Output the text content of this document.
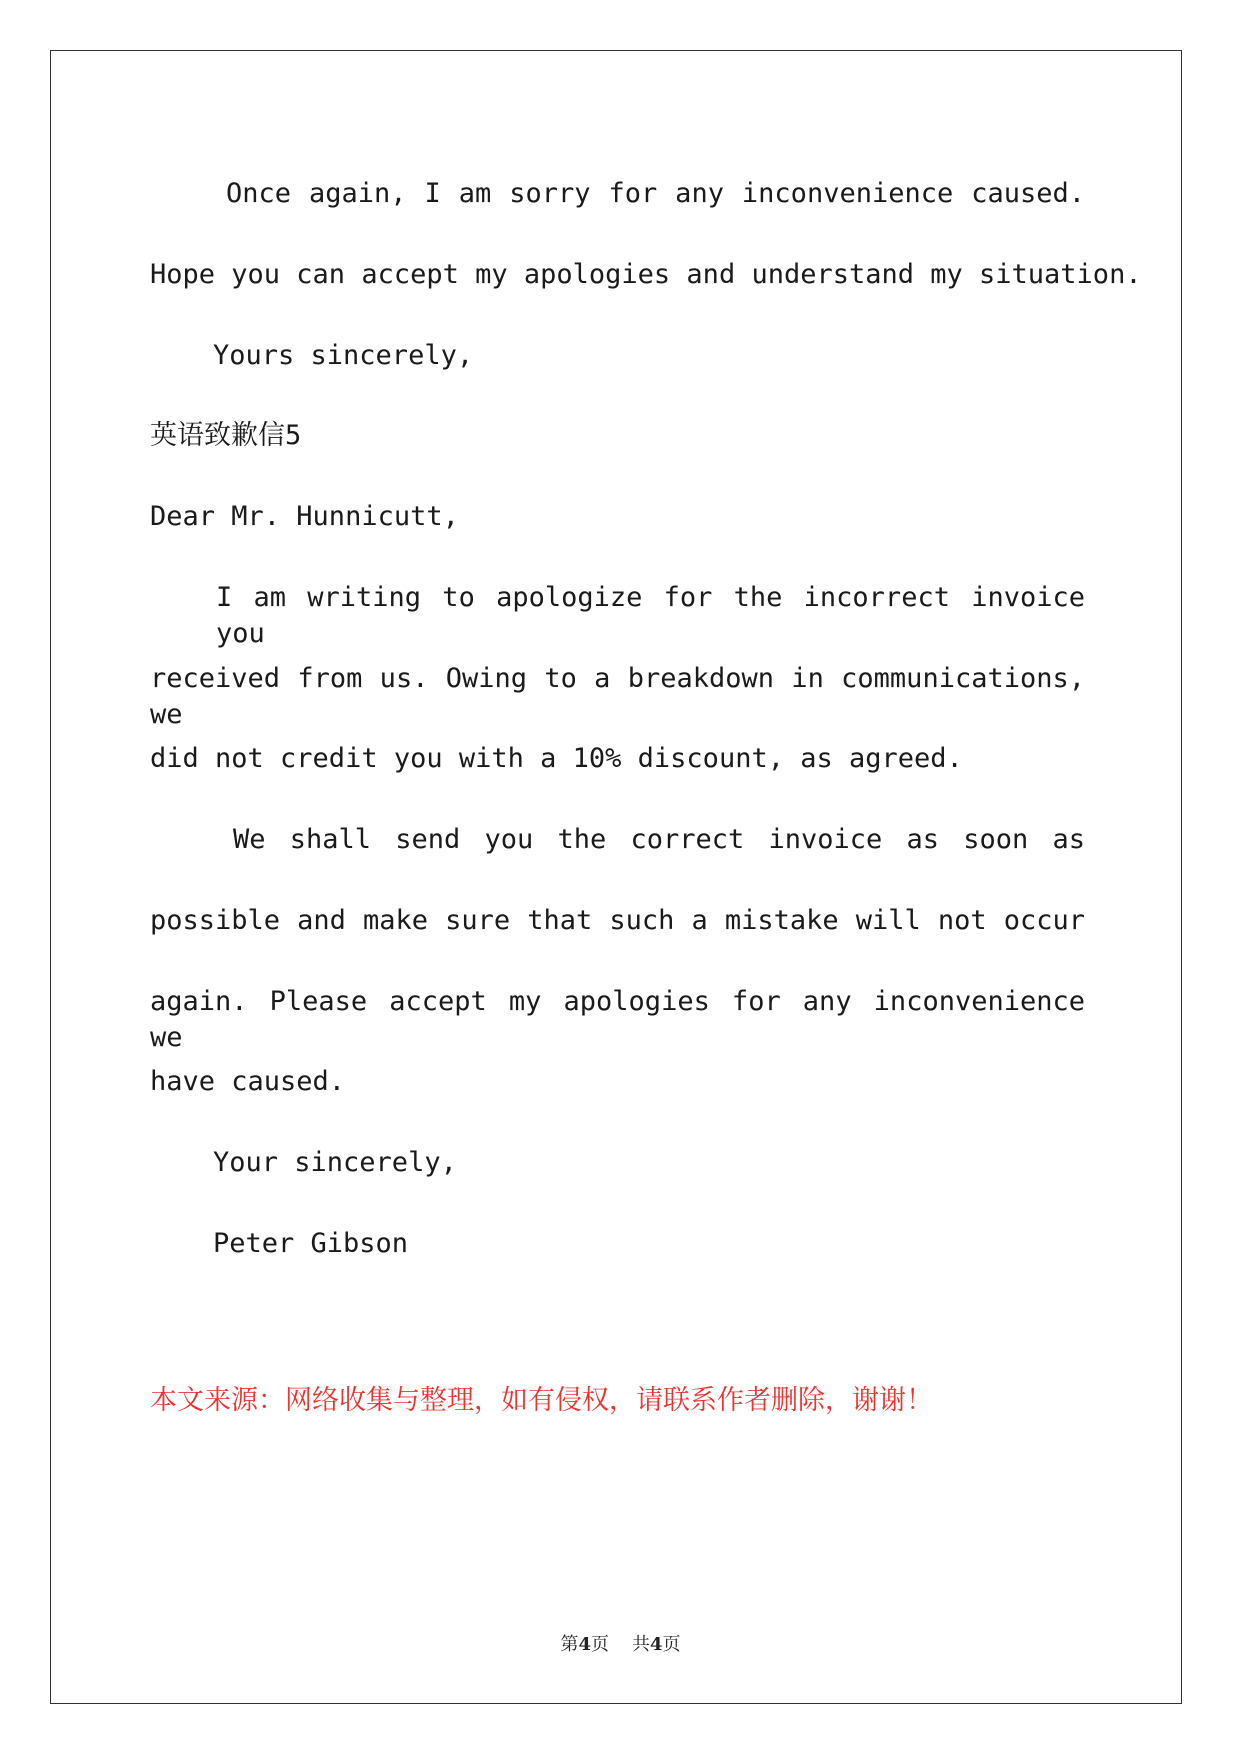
Once again, I am sorry for any inconvenience caused.
Hope you can accept my apologies and understand my situation.
Yours sincerely,
英语致歉信5
Dear Mr. Hunnicutt,
I am writing to apologize for the incorrect invoice you
received from us. Owing to a breakdown in communications, we
did not credit you with a 10% discount, as agreed.
We shall send you the correct invoice as soon as
possible and make sure that such a mistake will not occur
again. Please accept my apologies for any inconvenience we
have caused.
Your sincerely,
Peter Gibson
本文来源：网络收集与整理，如有侵权，请联系作者删除，谢谢！
第4页 共4页
